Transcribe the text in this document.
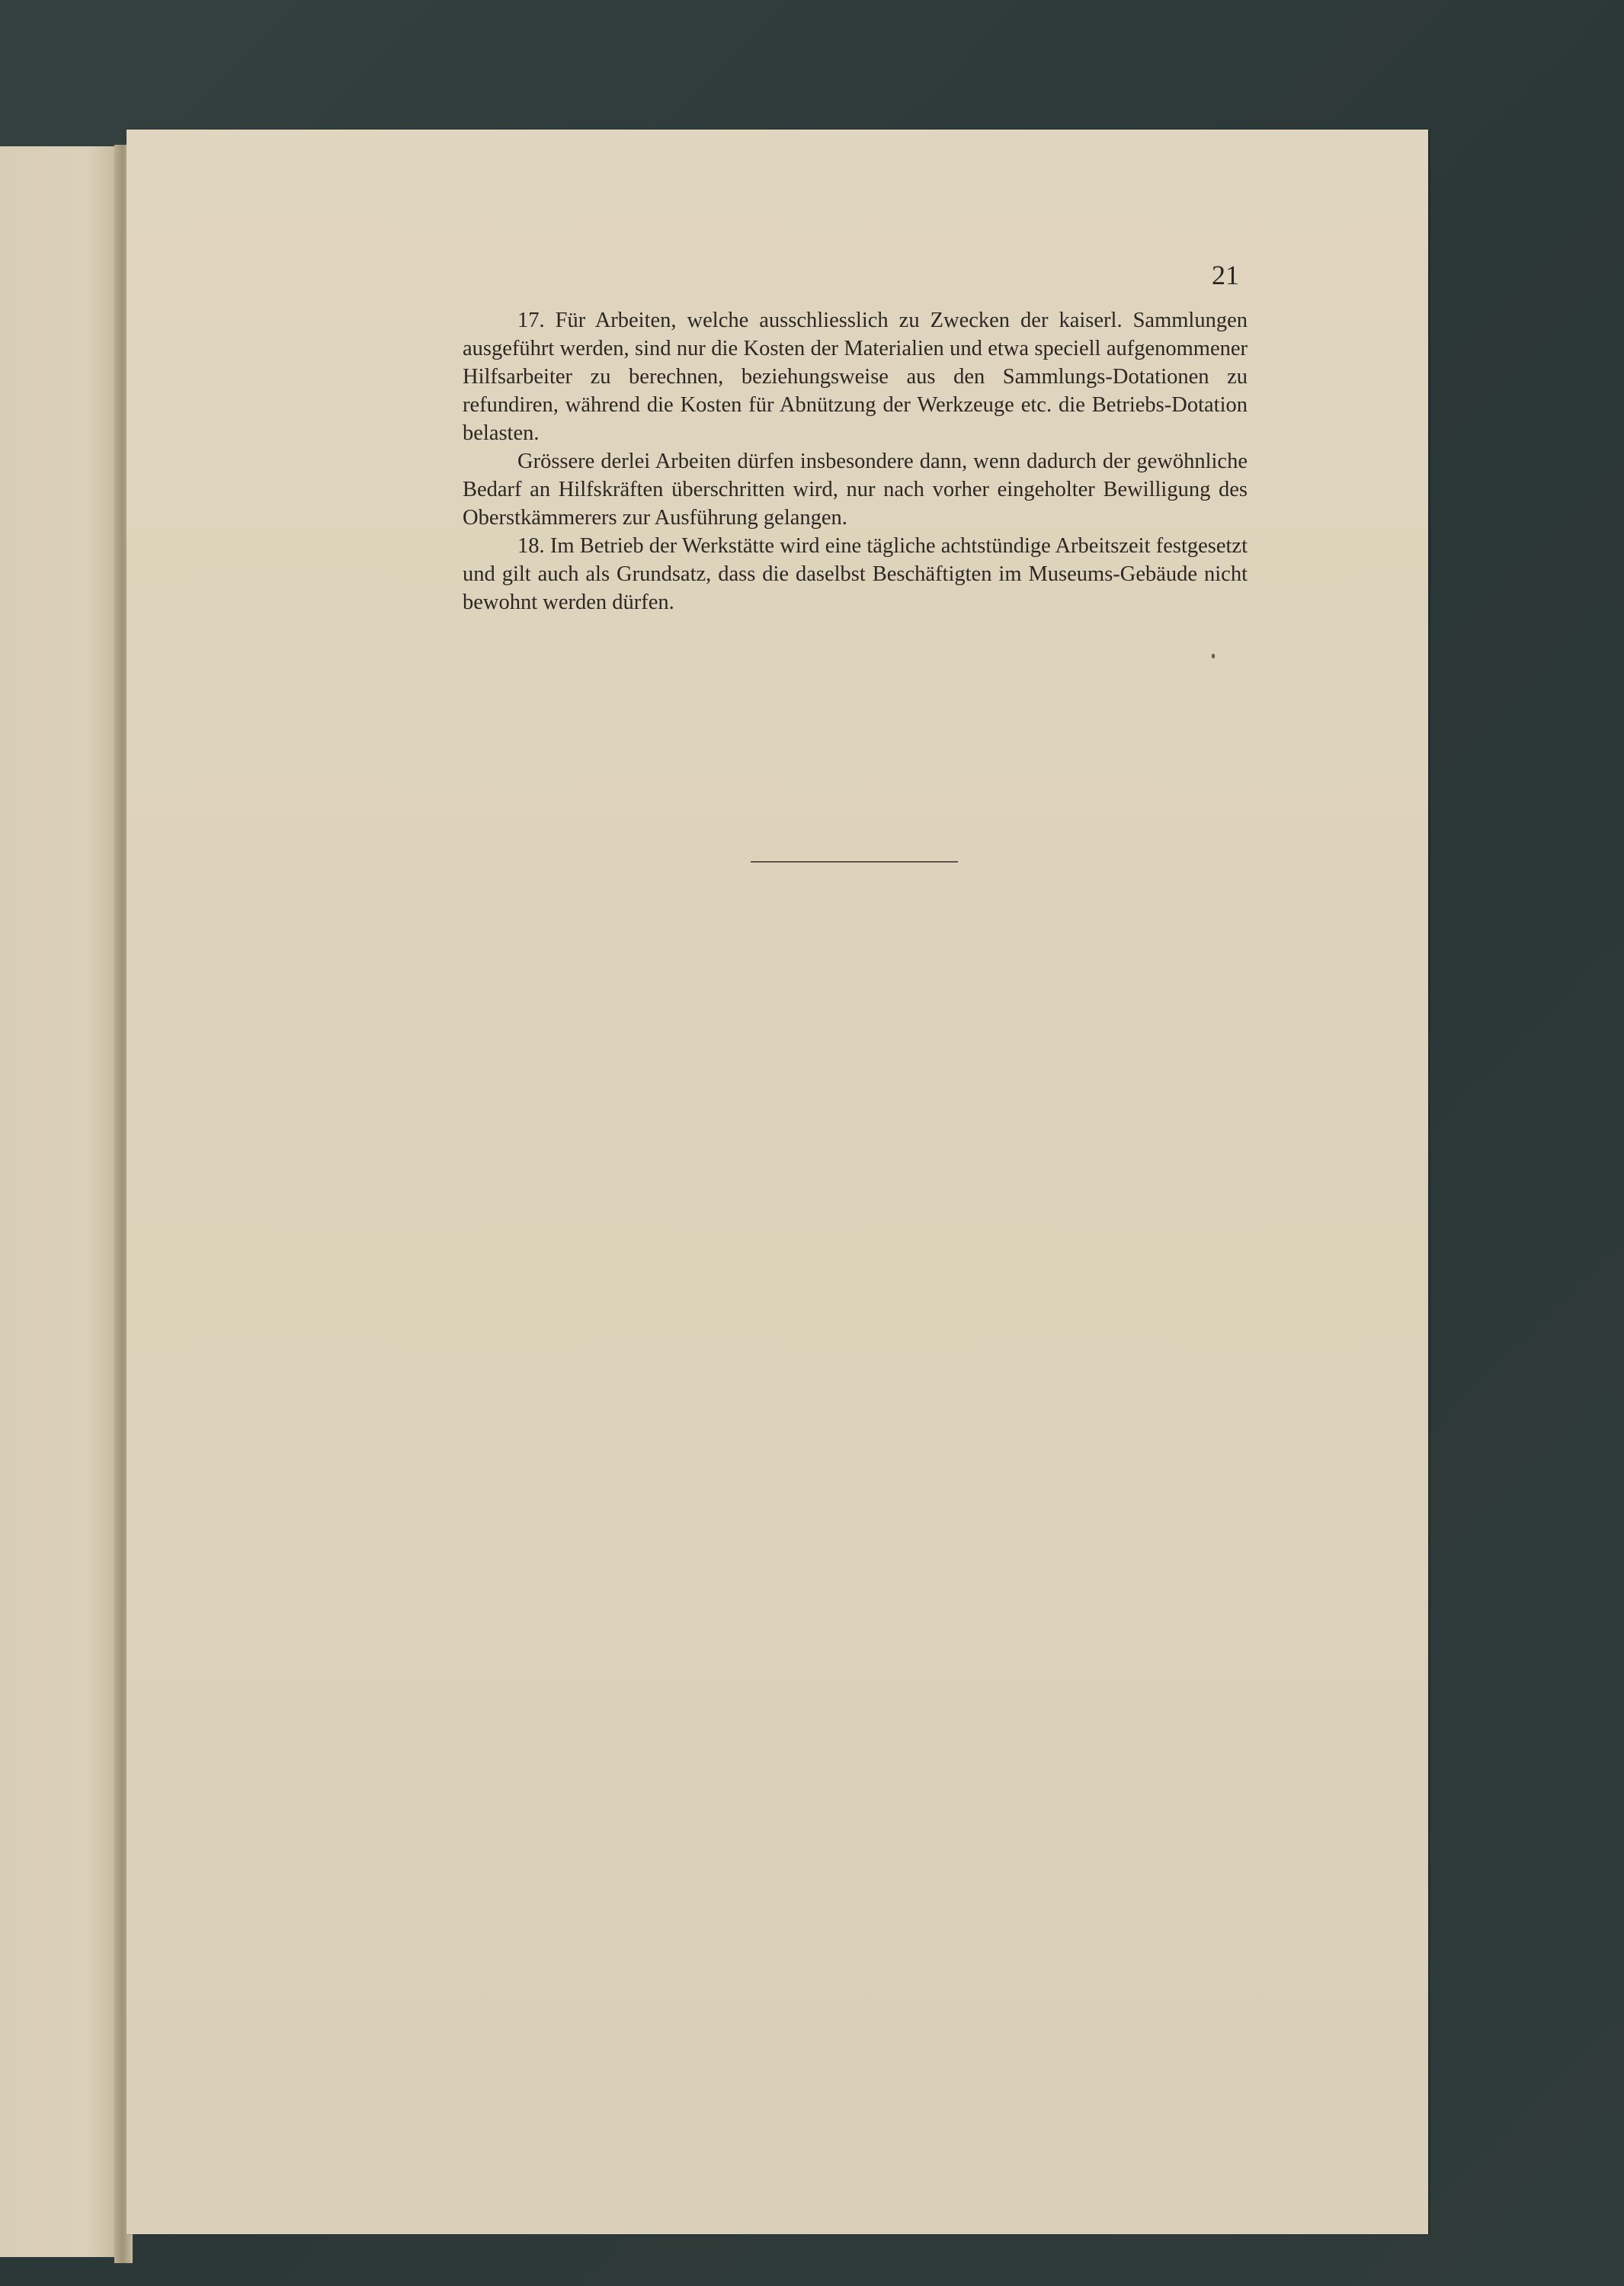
21

17. Für Arbeiten, welche ausschliesslich zu Zwecken der kaiserl. Sammlungen ausgeführt werden, sind nur die Kosten der Materialien und etwa speciell aufgenommener Hilfsarbeiter zu berechnen, beziehungsweise aus den Sammlungs-Dotationen zu refundiren, während die Kosten für Abnützung der Werkzeuge etc. die Betriebs-Dotation belasten.

Grössere derlei Arbeiten dürfen insbesondere dann, wenn dadurch der gewöhnliche Bedarf an Hilfskräften überschritten wird, nur nach vorher eingeholter Bewilligung des Oberstkämmerers zur Ausführung gelangen.

18. Im Betrieb der Werkstätte wird eine tägliche achtstündige Arbeitszeit festgesetzt und gilt auch als Grundsatz, dass die daselbst Beschäftigten im Museums-Gebäude nicht bewohnt werden dürfen.
